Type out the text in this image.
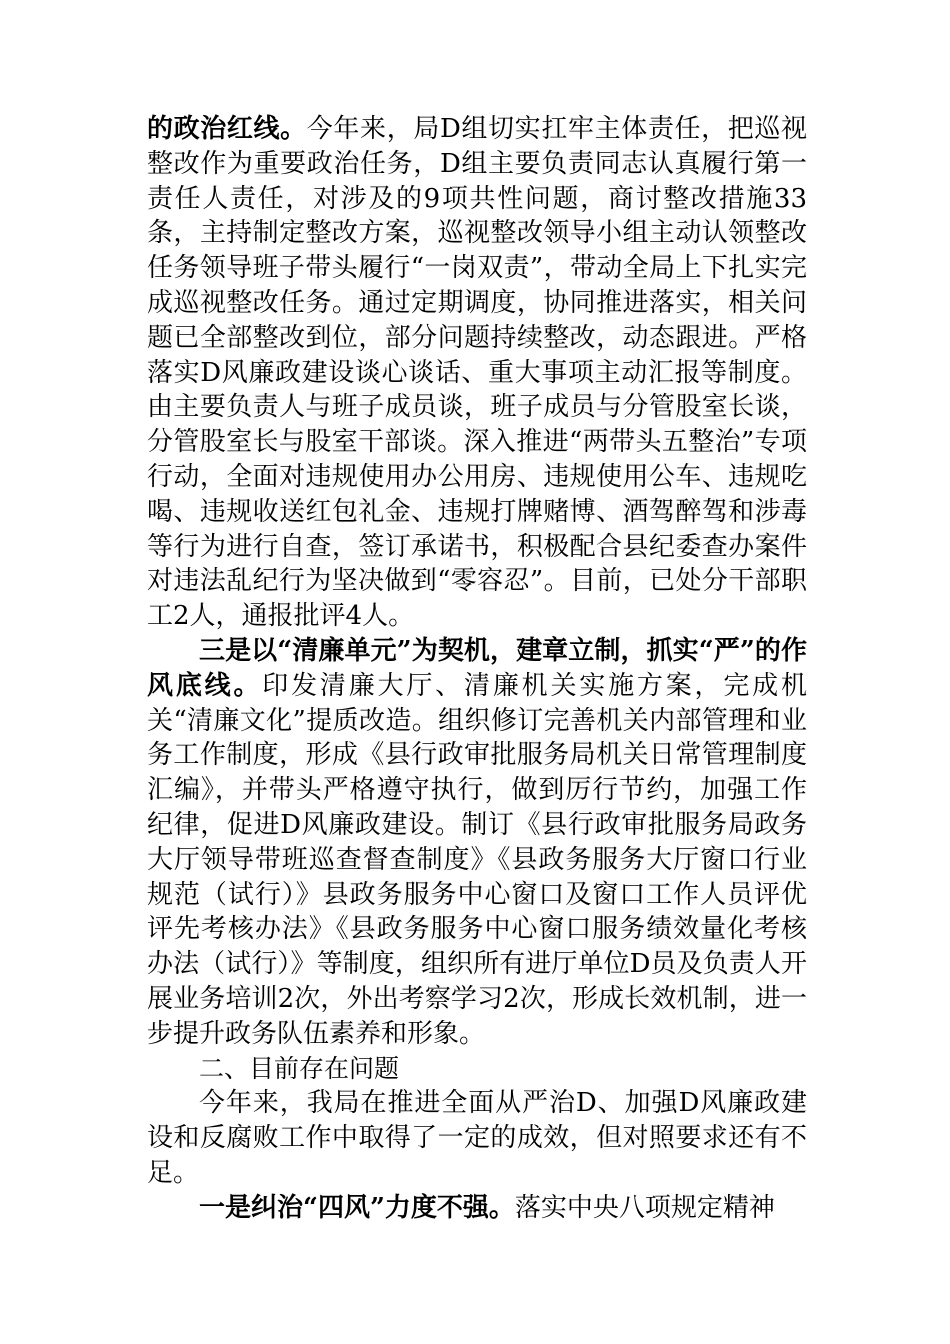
的政治红线。今年来，局D组切实扛牢主体责任，把巡视整改作为重要政治任务，D组主要负责同志认真履行第一责任人责任，对涉及的9项共性问题，商讨整改措施33条，主持制定整改方案，巡视整改领导小组主动认领整改任务领导班子带头履行“一岗双责”，带动全局上下扎实完成巡视整改任务。通过定期调度，协同推进落实，相关问题已全部整改到位，部分问题持续整改，动态跟进。严格落实D风廉政建设谈心谈话、重大事项主动汇报等制度。由主要负责人与班子成员谈，班子成员与分管股室长谈，分管股室长与股室干部谈。深入推进“两带头五整治”专项行动，全面对违规使用办公用房、违规使用公车、违规吃喝、违规收送红包礼金、违规打牌赌博、酒驾醉驾和涉毒等行为进行自查，签订承诺书，积极配合县纪委查办案件对违法乱纪行为坚决做到“零容忍”。目前，已处分干部职工2人，通报批评4人。

三是以“清廉单元”为契机，建章立制，抓实“严”的作风底线。印发清廉大厅、清廉机关实施方案，完成机关“清廉文化”提质改造。组织修订完善机关内部管理和业务工作制度，形成《县行政审批服务局机关日常管理制度汇编》，并带头严格遵守执行，做到厉行节约，加强工作纪律，促进D风廉政建设。制订《县行政审批服务局政务大厅领导带班巡查督查制度》《县政务服务大厅窗口行业规范（试行）》县政务服务中心窗口及窗口工作人员评优评先考核办法》《县政务服务中心窗口服务绩效量化考核办法（试行）》等制度，组织所有进厅单位D员及负责人开展业务培训2次，外出考察学习2次，形成长效机制，进一步提升政务队伍素养和形象。

二、目前存在问题

今年来，我局在推进全面从严治D、加强D风廉政建设和反腐败工作中取得了一定的成效，但对照要求还有不足。

一是纠治“四风”力度不强。落实中央八项规定精神
